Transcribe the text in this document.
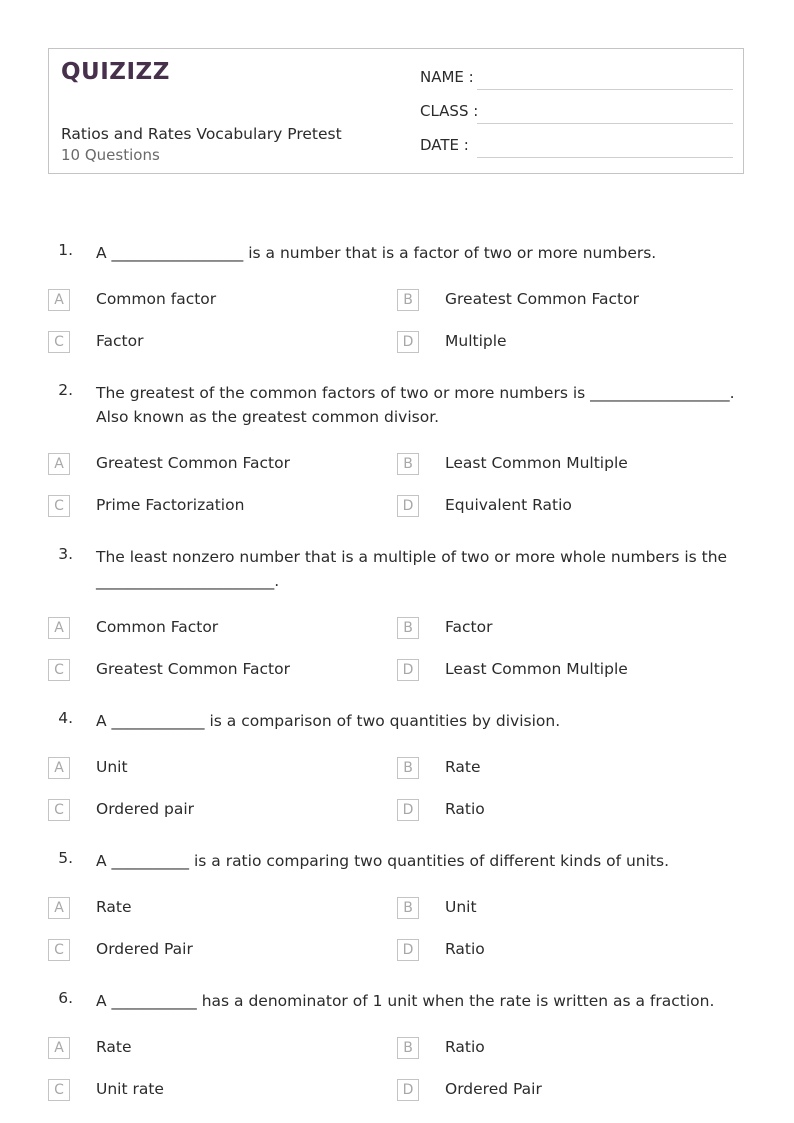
QUIZIZZ
Ratios and Rates Vocabulary Pretest
10 Questions
NAME :
CLASS :
DATE :
1. A _________________ is a number that is a factor of two or more numbers.
A	Common factor	B	Greatest Common Factor
C	Factor	D	Multiple
2. The greatest of the common factors of two or more numbers is __________________. Also known as the greatest common divisor.
A	Greatest Common Factor	B	Least Common Multiple
C	Prime Factorization	D	Equivalent Ratio
3. The least nonzero number that is a multiple of two or more whole numbers is the _______________________.
A	Common Factor	B	Factor
C	Greatest Common Factor	D	Least Common Multiple
4. A ____________ is a comparison of two quantities by division.
A	Unit	B	Rate
C	Ordered pair	D	Ratio
5. A __________ is a ratio comparing two quantities of different kinds of units.
A	Rate	B	Unit
C	Ordered Pair	D	Ratio
6. A ___________ has a denominator of 1 unit when the rate is written as a fraction.
A	Rate	B	Ratio
C	Unit rate	D	Ordered Pair
